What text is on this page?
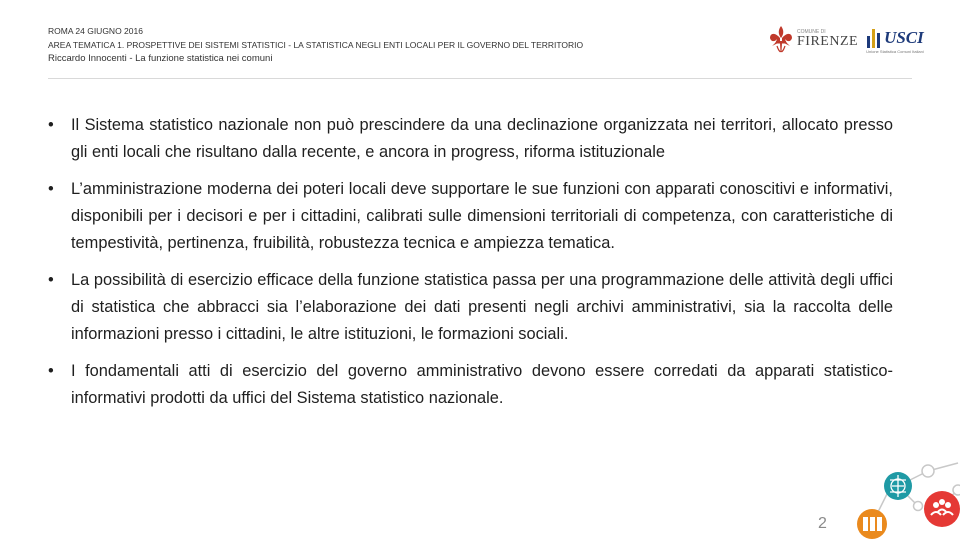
ROMA 24 GIUGNO 2016
AREA TEMATICA 1. PROSPETTIVE DEI SISTEMI STATISTICI - LA STATISTICA NEGLI ENTI LOCALI PER IL GOVERNO DEL TERRITORIO
Riccardo Innocenti - La funzione statistica nei comuni
COMUNE DI
FIRENZE USCI
Unione Statistica Comuni Italiani
• Il Sistema statistico nazionale non può prescindere da una declinazione organizzata nei territori, allocato presso gli enti locali che risultano dalla recente, e ancora in progress, riforma istituzionale
• L’amministrazione moderna dei poteri locali deve supportare le sue funzioni con apparati conoscitivi e informativi, disponibili per i decisori e per i cittadini, calibrati sulle dimensioni territoriali di competenza, con caratteristiche di tempestività, pertinenza, fruibilità, robustezza tecnica e ampiezza tematica.
• La possibilità di esercizio efficace della funzione statistica passa per una programmazione delle attività degli uffici di statistica che abbracci sia l’elaborazione dei dati presenti negli archivi amministrativi, sia la raccolta delle informazioni presso i cittadini, le altre istituzioni, le formazioni sociali.
• I fondamentali atti di esercizio del governo amministrativo devono essere corredati da apparati statistico-informativi prodotti da uffici del Sistema statistico nazionale.
2
